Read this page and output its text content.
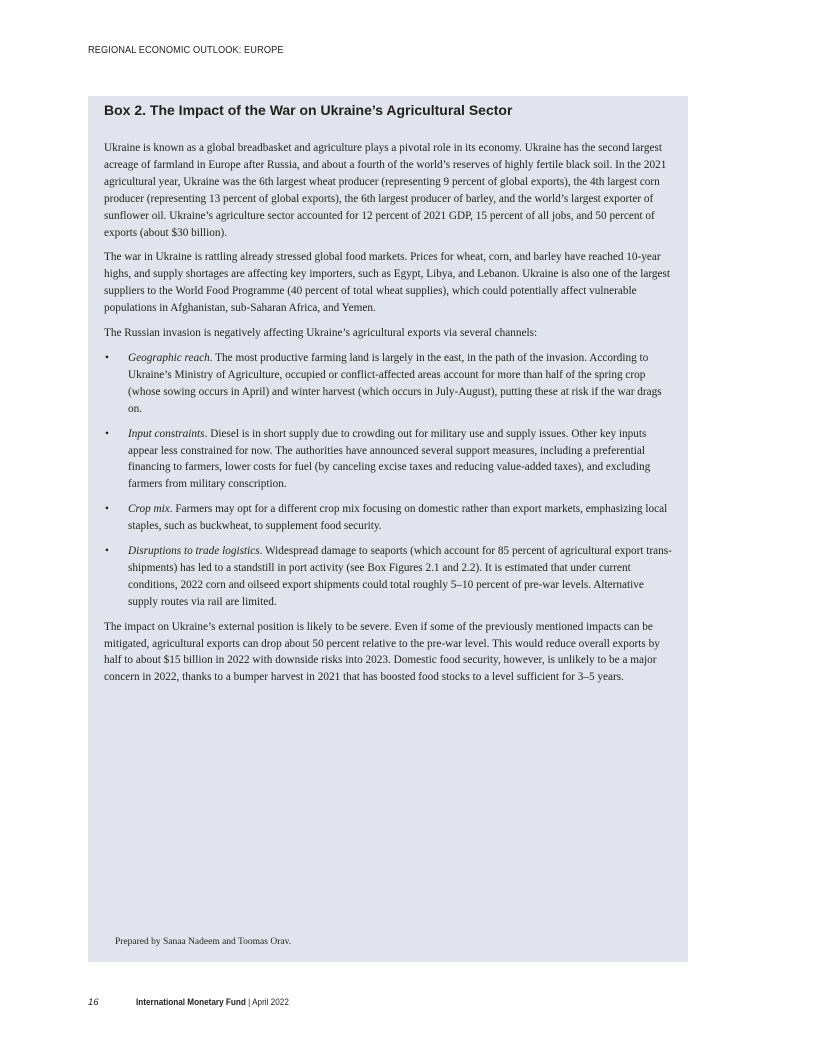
REGIONAL ECONOMIC OUTLOOK: EUROPE
Box 2. The Impact of the War on Ukraine’s Agricultural Sector

Ukraine is known as a global breadbasket and agriculture plays a pivotal role in its economy. Ukraine has the second largest acreage of farmland in Europe after Russia, and about a fourth of the world’s reserves of highly fertile black soil. In the 2021 agricultural year, Ukraine was the 6th largest wheat producer (representing 9 percent of global exports), the 4th largest corn producer (representing 13 percent of global exports), the 6th largest producer of barley, and the world’s largest exporter of sunflower oil. Ukraine’s agriculture sector accounted for 12 percent of 2021 GDP, 15 percent of all jobs, and 50 percent of exports (about $30 billion).

The war in Ukraine is rattling already stressed global food markets. Prices for wheat, corn, and barley have reached 10-year highs, and supply shortages are affecting key importers, such as Egypt, Libya, and Lebanon. Ukraine is also one of the largest suppliers to the World Food Programme (40 percent of total wheat supplies), which could potentially affect vulnerable populations in Afghanistan, sub-Saharan Africa, and Yemen.

The Russian invasion is negatively affecting Ukraine’s agricultural exports via several channels:

• Geographic reach. The most productive farming land is largely in the east, in the path of the invasion. According to Ukraine’s Ministry of Agriculture, occupied or conflict-affected areas account for more than half of the spring crop (whose sowing occurs in April) and winter harvest (which occurs in July-August), putting these at risk if the war drags on.
• Input constraints. Diesel is in short supply due to crowding out for military use and supply issues. Other key inputs appear less constrained for now. The authorities have announced several support measures, including a preferential financing to farmers, lower costs for fuel (by canceling excise taxes and reducing value-added taxes), and excluding farmers from military conscription.
• Crop mix. Farmers may opt for a different crop mix focusing on domestic rather than export markets, emphasizing local staples, such as buckwheat, to supplement food security.
• Disruptions to trade logistics. Widespread damage to seaports (which account for 85 percent of agricultural export trans-shipments) has led to a standstill in port activity (see Box Figures 2.1 and 2.2). It is estimated that under current conditions, 2022 corn and oilseed export shipments could total roughly 5–10 percent of pre-war levels. Alternative supply routes via rail are limited.

The impact on Ukraine’s external position is likely to be severe. Even if some of the previously mentioned impacts can be mitigated, agricultural exports can drop about 50 percent relative to the pre-war level. This would reduce overall exports by half to about $15 billion in 2022 with downside risks into 2023. Domestic food security, however, is unlikely to be a major concern in 2022, thanks to a bumper harvest in 2021 that has boosted food stocks to a level sufficient for 3–5 years.

Prepared by Sanaa Nadeem and Toomas Orav.
16	International Monetary Fund | April 2022
